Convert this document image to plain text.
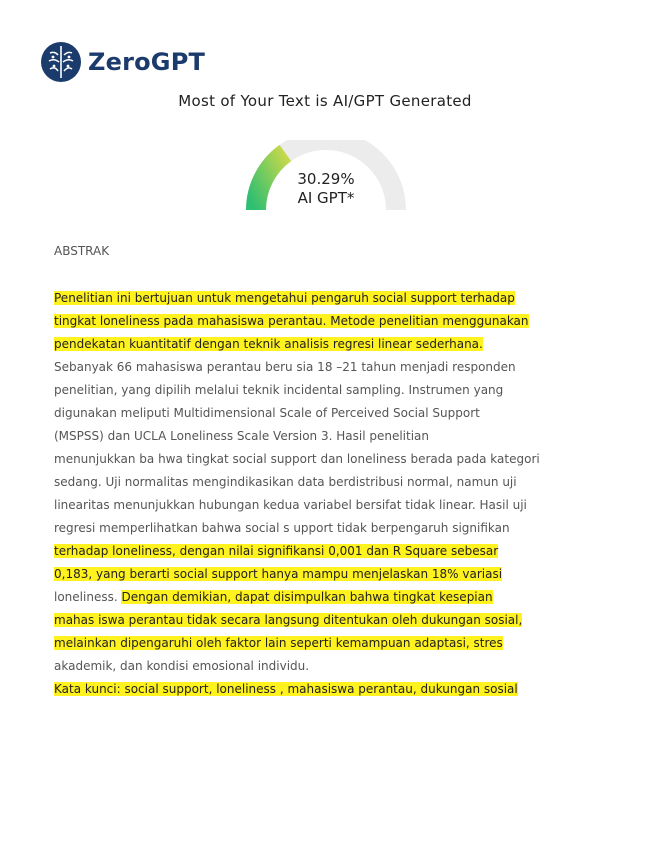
ZeroGPT
Most of Your Text is AI/GPT Generated
30.29%
AI GPT*
ABSTRAK
Penelitian ini bertujuan untuk mengetahui pengaruh social support terhadap
tingkat loneliness pada mahasiswa perantau. Metode penelitian menggunakan
pendekatan kuantitatif dengan teknik analisis regresi linear sederhana.
Sebanyak 66 mahasiswa perantau beru sia 18 –21 tahun menjadi responden
penelitian, yang dipilih melalui teknik incidental sampling. Instrumen yang
digunakan meliputi Multidimensional Scale of Perceived Social Support
(MSPSS) dan UCLA Loneliness Scale Version 3. Hasil penelitian
menunjukkan ba hwa tingkat social support dan loneliness berada pada kategori
sedang. Uji normalitas mengindikasikan data berdistribusi normal, namun uji
linearitas menunjukkan hubungan kedua variabel bersifat tidak linear. Hasil uji
regresi memperlihatkan bahwa social s upport tidak berpengaruh signifikan
terhadap loneliness, dengan nilai signifikansi 0,001 dan R Square sebesar
0,183, yang berarti social support hanya mampu menjelaskan 18% variasi
loneliness. Dengan demikian, dapat disimpulkan bahwa tingkat kesepian
mahas iswa perantau tidak secara langsung ditentukan oleh dukungan sosial,
melainkan dipengaruhi oleh faktor lain seperti kemampuan adaptasi, stres
akademik, dan kondisi emosional individu.
Kata kunci: social support, loneliness , mahasiswa perantau, dukungan sosial
